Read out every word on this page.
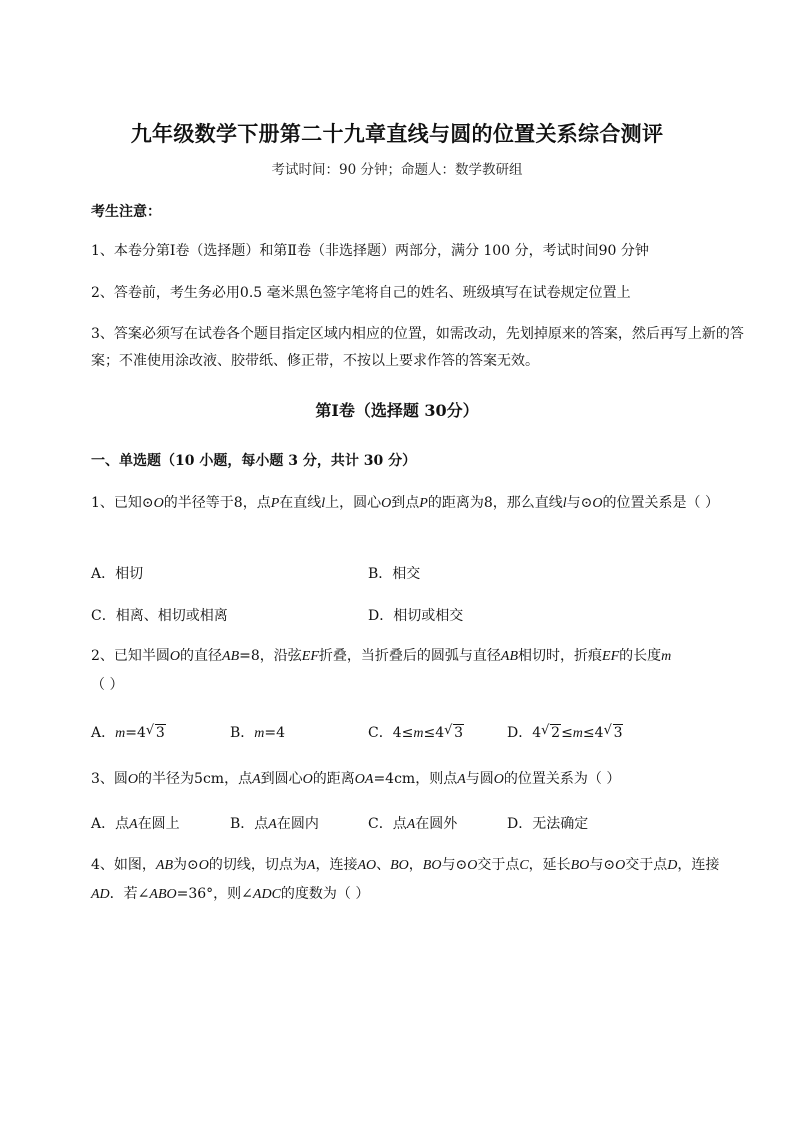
九年级数学下册第二十九章直线与圆的位置关系综合测评
考试时间：90 分钟；命题人：数学教研组
考生注意：
1、本卷分第Ⅰ卷（选择题）和第Ⅱ卷（非选择题）两部分，满分 100 分，考试时间90 分钟
2、答卷前，考生务必用0.5 毫米黑色签字笔将自己的姓名、班级填写在试卷规定位置上
3、答案必须写在试卷各个题目指定区域内相应的位置，如需改动，先划掉原来的答案，然后再写上新的答案；不准使用涂改液、胶带纸、修正带，不按以上要求作答的答案无效。
第Ⅰ卷（选择题 30分）
一、单选题（10 小题，每小题 3 分，共计 30 分）
1、已知⊙O的半径等于8，点P在直线l上，圆心O到点P的距离为8，那么直线l与⊙O的位置关系是（ ）
A．相切	B．相交
C．相离、相切或相离	D．相切或相交
2、已知半圆O的直径AB=8，沿弦EF折叠，当折叠后的圆弧与直径AB相切时，折痕EF的长度m
（ ）
A．m=4 √ 3	B．m=4	C．4≤m≤4 √ 3	D．4 √ 2≤m≤4 √ 3
3、圆O的半径为5cm，点A到圆心O的距离OA=4cm，则点A与圆O的位置关系为（ ）
A．点A在圆上	B．点A在圆内	C．点A在圆外	D．无法确定
4、如图，AB为⊙O的切线，切点为A，连接AO、BO，BO与⊙O交于点C，延长BO与⊙O交于点D，连接AD．若∠ABO=36°，则∠ADC的度数为（ ）
